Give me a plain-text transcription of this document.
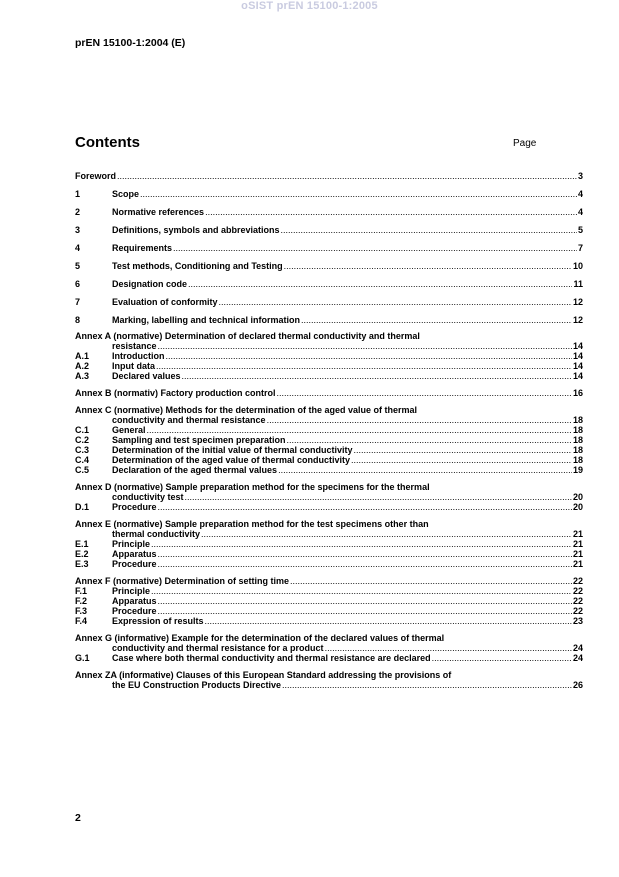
oSIST prEN 15100-1:2005
prEN 15100-1:2004 (E)
Contents	Page
Foreword .....	3
1	Scope .....	4
2	Normative references .....	4
3	Definitions, symbols and abbreviations .....	5
4	Requirements .....	7
5	Test methods, Conditioning and Testing .....	10
6	Designation code .....	11
7	Evaluation of conformity .....	12
8	Marking, labelling and technical information .....	12
Annex A (normative) Determination of declared thermal conductivity and thermal
resistance .....	14
A.1	Introduction .....	14
A.2	Input data .....	14
A.3	Declared values .....	14
Annex B (normativ) Factory production control .....	16
Annex C (normative) Methods for the determination of the aged value of thermal
conductivity and thermal resistance .....	18
C.1	General .....	18
C.2	Sampling and test specimen preparation .....	18
C.3	Determination of the initial value of thermal conductivity .....	18
C.4	Determination of the aged value of thermal conductivity .....	18
C.5	Declaration of the aged thermal values .....	19
Annex D (normative) Sample preparation method for the specimens for the thermal
conductivity test .....	20
D.1	Procedure .....	20
Annex E (normative) Sample preparation method for the test specimens other than
thermal conductivity .....	21
E.1	Principle .....	21
E.2	Apparatus .....	21
E.3	Procedure .....	21
Annex F (normative) Determination of setting time .....	22
F.1	Principle .....	22
F.2	Apparatus .....	22
F.3	Procedure .....	22
F.4	Expression of results .....	23
Annex G (informative) Example for the determination of the declared values of thermal
conductivity and thermal resistance for a product .....	24
G.1	Case where both thermal conductivity and thermal resistance are declared .....	24
Annex ZA (informative) Clauses of this European Standard addressing the provisions of
the EU Construction Products Directive .....	26
2
